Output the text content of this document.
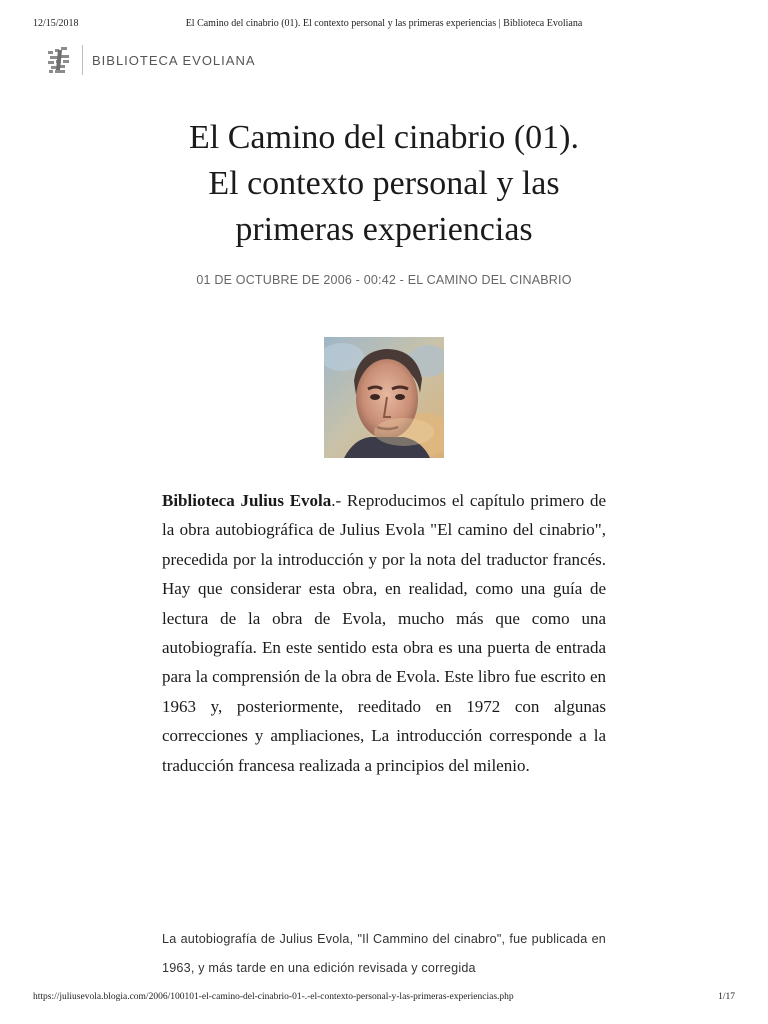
12/15/2018	El Camino del cinabrio (01). El contexto personal y las primeras experiencias | Biblioteca Evoliana
BIBLIOTECA EVOLIANA
El Camino del cinabrio (01).
El contexto personal y las
primeras experiencias
01 DE OCTUBRE DE 2006 - 00:42 - EL CAMINO DEL CINABRIO

Biblioteca Julius Evola.- Reproducimos el capítulo primero de la obra autobiográfica de Julius Evola "El camino del cinabrio", precedida por la introducción y por la nota del traductor francés. Hay que considerar esta obra, en realidad, como una guía de lectura de la obra de Evola, mucho más que como una autobiografía. En este sentido esta obra es una puerta de entrada para la comprensión de la obra de Evola. Este libro fue escrito en 1963 y, posteriormente, reeditado en 1972 con algunas correcciones y ampliaciones, La introducción corresponde a la traducción francesa realizada a principios del milenio.

La autobiografía de Julius Evola, "Il Cammino del cinabro", fue publicada en 1963, y más tarde en una edición revisada y corregida

https://juliusevola.blogia.com/2006/100101-el-camino-del-cinabrio-01-.-el-contexto-personal-y-las-primeras-experiencias.php	1/17
